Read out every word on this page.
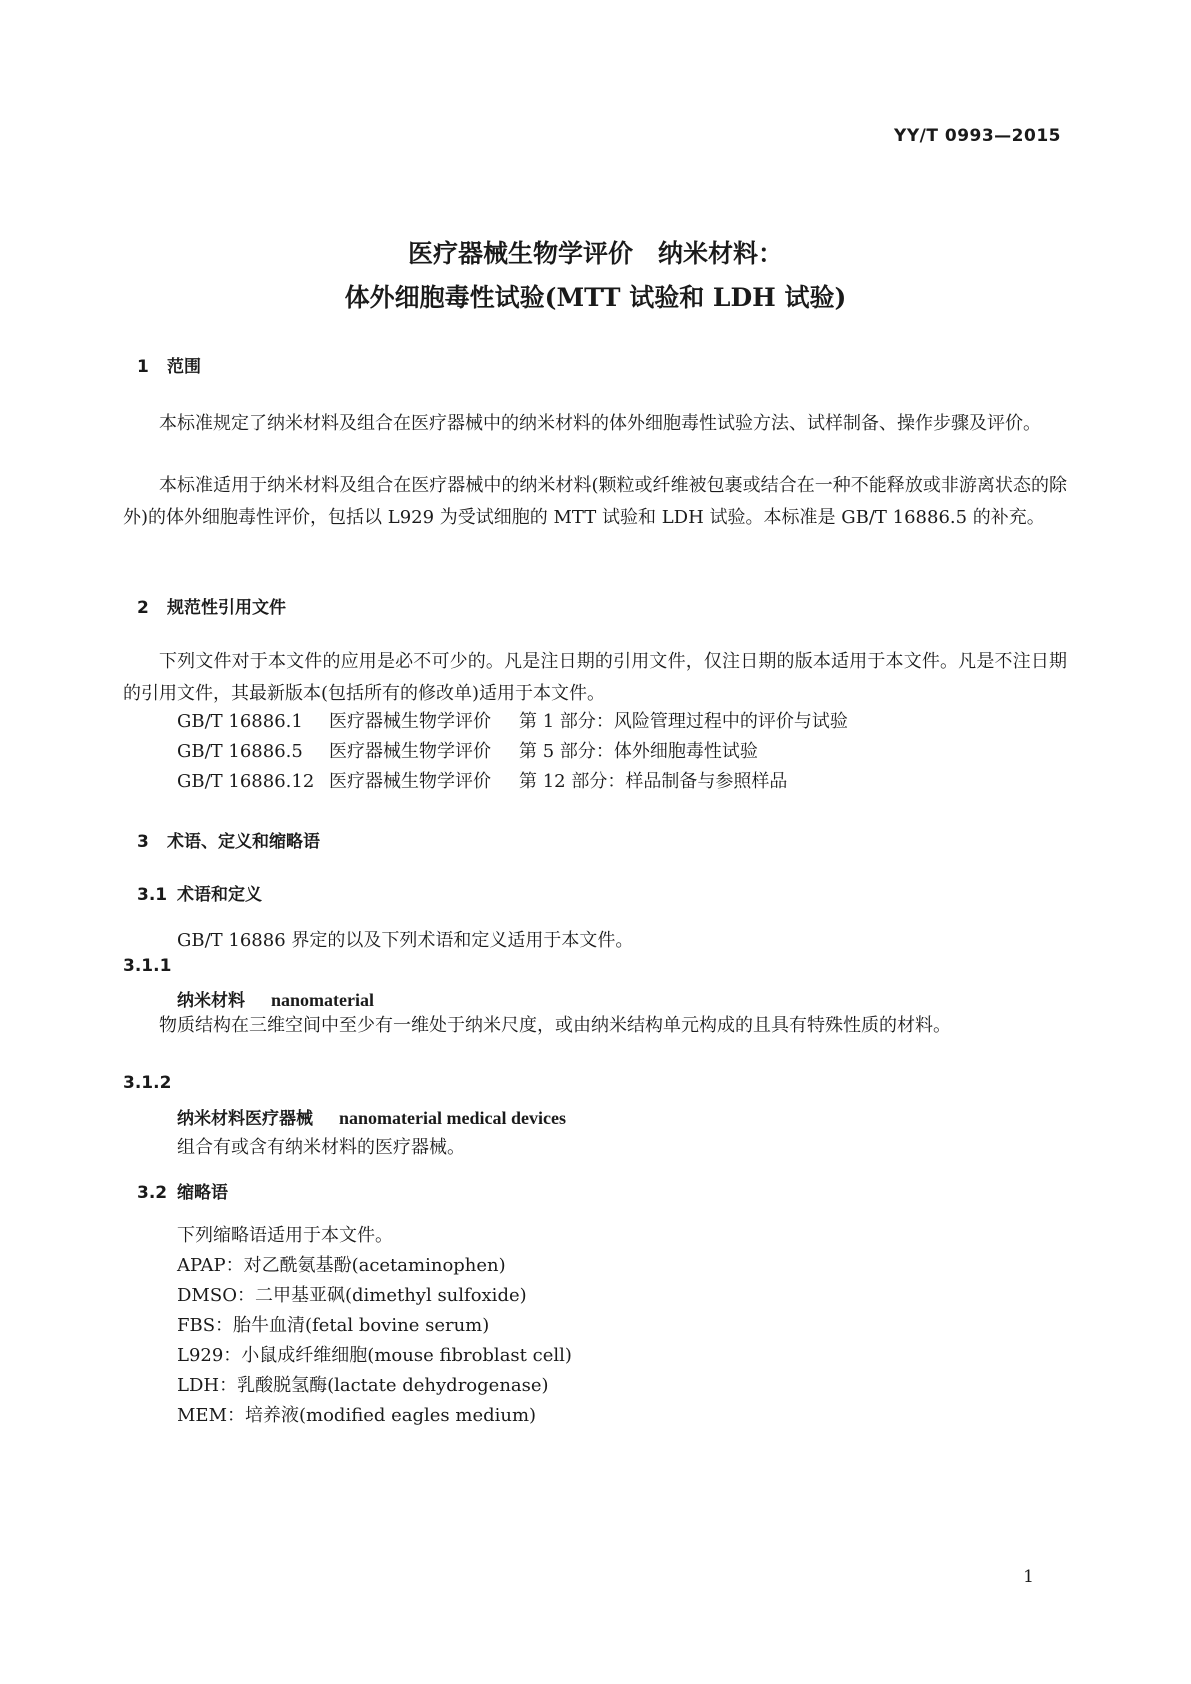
YY/T 0993—2015
医疗器械生物学评价　纳米材料：
体外细胞毒性试验(MTT 试验和 LDH 试验)
1 范围
本标准规定了纳米材料及组合在医疗器械中的纳米材料的体外细胞毒性试验方法、试样制备、操作步骤及评价。
本标准适用于纳米材料及组合在医疗器械中的纳米材料(颗粒或纤维被包裹或结合在一种不能释放或非游离状态的除外)的体外细胞毒性评价，包括以 L929 为受试细胞的 MTT 试验和 LDH 试验。本标准是 GB/T 16886.5 的补充。
2 规范性引用文件
下列文件对于本文件的应用是必不可少的。凡是注日期的引用文件，仅注日期的版本适用于本文件。凡是不注日期的引用文件，其最新版本(包括所有的修改单)适用于本文件。
GB/T 16886.1 医疗器械生物学评价 第 1 部分：风险管理过程中的评价与试验
GB/T 16886.5 医疗器械生物学评价 第 5 部分：体外细胞毒性试验
GB/T 16886.12 医疗器械生物学评价 第 12 部分：样品制备与参照样品
3 术语、定义和缩略语
3.1 术语和定义
GB/T 16886 界定的以及下列术语和定义适用于本文件。
3.1.1
纳米材料 nanomaterial
物质结构在三维空间中至少有一维处于纳米尺度，或由纳米结构单元构成的且具有特殊性质的材料。
3.1.2
纳米材料医疗器械 nanomaterial medical devices
组合有或含有纳米材料的医疗器械。
3.2 缩略语
下列缩略语适用于本文件。
APAP：对乙酰氨基酚(acetaminophen)
DMSO：二甲基亚砜(dimethyl sulfoxide)
FBS：胎牛血清(fetal bovine serum)
L929：小鼠成纤维细胞(mouse fibroblast cell)
LDH：乳酸脱氢酶(lactate dehydrogenase)
MEM：培养液(modified eagles medium)
1
